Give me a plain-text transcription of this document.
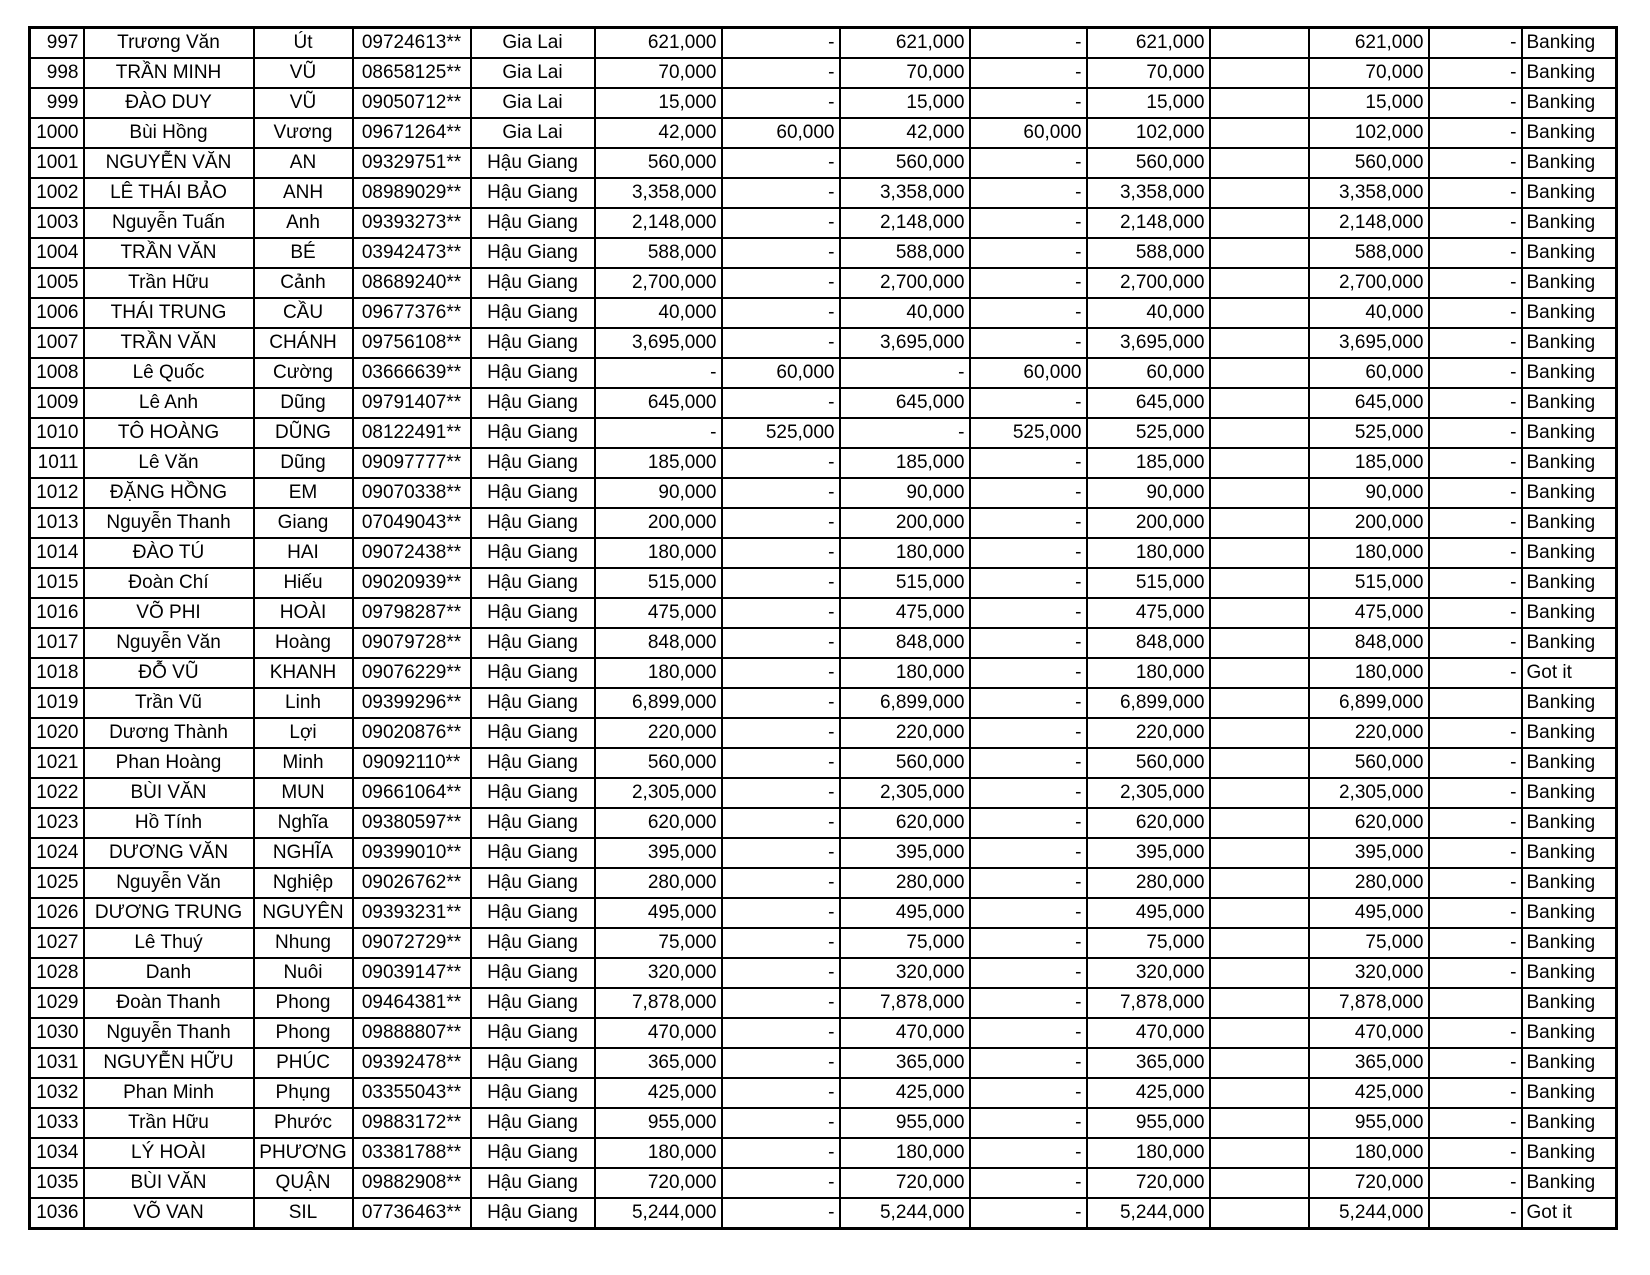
997	Trương Văn	Út	09724613**	Gia Lai	621,000	-	621,000	-	621,000		621,000	-	Banking
998	TRẦN MINH	VŨ	08658125**	Gia Lai	70,000	-	70,000	-	70,000		70,000	-	Banking
999	ĐÀO DUY	VŨ	09050712**	Gia Lai	15,000	-	15,000	-	15,000		15,000	-	Banking
1000	Bùi Hồng	Vương	09671264**	Gia Lai	42,000	60,000	42,000	60,000	102,000		102,000	-	Banking
1001	NGUYỄN VĂN	AN	09329751**	Hậu Giang	560,000	-	560,000	-	560,000		560,000	-	Banking
1002	LÊ THÁI BẢO	ANH	08989029**	Hậu Giang	3,358,000	-	3,358,000	-	3,358,000		3,358,000	-	Banking
1003	Nguyễn Tuấn	Anh	09393273**	Hậu Giang	2,148,000	-	2,148,000	-	2,148,000		2,148,000	-	Banking
1004	TRẦN VĂN	BÉ	03942473**	Hậu Giang	588,000	-	588,000	-	588,000		588,000	-	Banking
1005	Trần Hữu	Cảnh	08689240**	Hậu Giang	2,700,000	-	2,700,000	-	2,700,000		2,700,000	-	Banking
1006	THÁI TRUNG	CẦU	09677376**	Hậu Giang	40,000	-	40,000	-	40,000		40,000	-	Banking
1007	TRẦN VĂN	CHÁNH	09756108**	Hậu Giang	3,695,000	-	3,695,000	-	3,695,000		3,695,000	-	Banking
1008	Lê Quốc	Cường	03666639**	Hậu Giang	-	60,000	-	60,000	60,000		60,000	-	Banking
1009	Lê Anh	Dũng	09791407**	Hậu Giang	645,000	-	645,000	-	645,000		645,000	-	Banking
1010	TÔ HOÀNG	DŨNG	08122491**	Hậu Giang	-	525,000	-	525,000	525,000		525,000	-	Banking
1011	Lê Văn	Dũng	09097777**	Hậu Giang	185,000	-	185,000	-	185,000		185,000	-	Banking
1012	ĐẶNG HỒNG	EM	09070338**	Hậu Giang	90,000	-	90,000	-	90,000		90,000	-	Banking
1013	Nguyễn Thanh	Giang	07049043**	Hậu Giang	200,000	-	200,000	-	200,000		200,000	-	Banking
1014	ĐÀO TÚ	HAI	09072438**	Hậu Giang	180,000	-	180,000	-	180,000		180,000	-	Banking
1015	Đoàn Chí	Hiếu	09020939**	Hậu Giang	515,000	-	515,000	-	515,000		515,000	-	Banking
1016	VÕ PHI	HOÀI	09798287**	Hậu Giang	475,000	-	475,000	-	475,000		475,000	-	Banking
1017	Nguyễn Văn	Hoàng	09079728**	Hậu Giang	848,000	-	848,000	-	848,000		848,000	-	Banking
1018	ĐỖ VŨ	KHANH	09076229**	Hậu Giang	180,000	-	180,000	-	180,000		180,000	-	Got it
1019	Trần Vũ	Linh	09399296**	Hậu Giang	6,899,000	-	6,899,000	-	6,899,000		6,899,000		Banking
1020	Dương Thành	Lợi	09020876**	Hậu Giang	220,000	-	220,000	-	220,000		220,000	-	Banking
1021	Phan Hoàng	Minh	09092110**	Hậu Giang	560,000	-	560,000	-	560,000		560,000	-	Banking
1022	BÙI VĂN	MUN	09661064**	Hậu Giang	2,305,000	-	2,305,000	-	2,305,000		2,305,000	-	Banking
1023	Hồ Tính	Nghĩa	09380597**	Hậu Giang	620,000	-	620,000	-	620,000		620,000	-	Banking
1024	DƯƠNG VĂN	NGHĨA	09399010**	Hậu Giang	395,000	-	395,000	-	395,000		395,000	-	Banking
1025	Nguyễn Văn	Nghiệp	09026762**	Hậu Giang	280,000	-	280,000	-	280,000		280,000	-	Banking
1026	DƯƠNG TRUNG	NGUYÊN	09393231**	Hậu Giang	495,000	-	495,000	-	495,000		495,000	-	Banking
1027	Lê Thuý	Nhung	09072729**	Hậu Giang	75,000	-	75,000	-	75,000		75,000	-	Banking
1028	Danh	Nuôi	09039147**	Hậu Giang	320,000	-	320,000	-	320,000		320,000	-	Banking
1029	Đoàn Thanh	Phong	09464381**	Hậu Giang	7,878,000	-	7,878,000	-	7,878,000		7,878,000		Banking
1030	Nguyễn Thanh	Phong	09888807**	Hậu Giang	470,000	-	470,000	-	470,000		470,000	-	Banking
1031	NGUYỄN HỮU	PHÚC	09392478**	Hậu Giang	365,000	-	365,000	-	365,000		365,000	-	Banking
1032	Phan Minh	Phụng	03355043**	Hậu Giang	425,000	-	425,000	-	425,000		425,000	-	Banking
1033	Trần Hữu	Phước	09883172**	Hậu Giang	955,000	-	955,000	-	955,000		955,000	-	Banking
1034	LÝ HOÀI	PHƯƠNG	03381788**	Hậu Giang	180,000	-	180,000	-	180,000		180,000	-	Banking
1035	BÙI VĂN	QUẬN	09882908**	Hậu Giang	720,000	-	720,000	-	720,000		720,000	-	Banking
1036	VÕ VAN	SIL	07736463**	Hậu Giang	5,244,000	-	5,244,000	-	5,244,000		5,244,000	-	Got it
